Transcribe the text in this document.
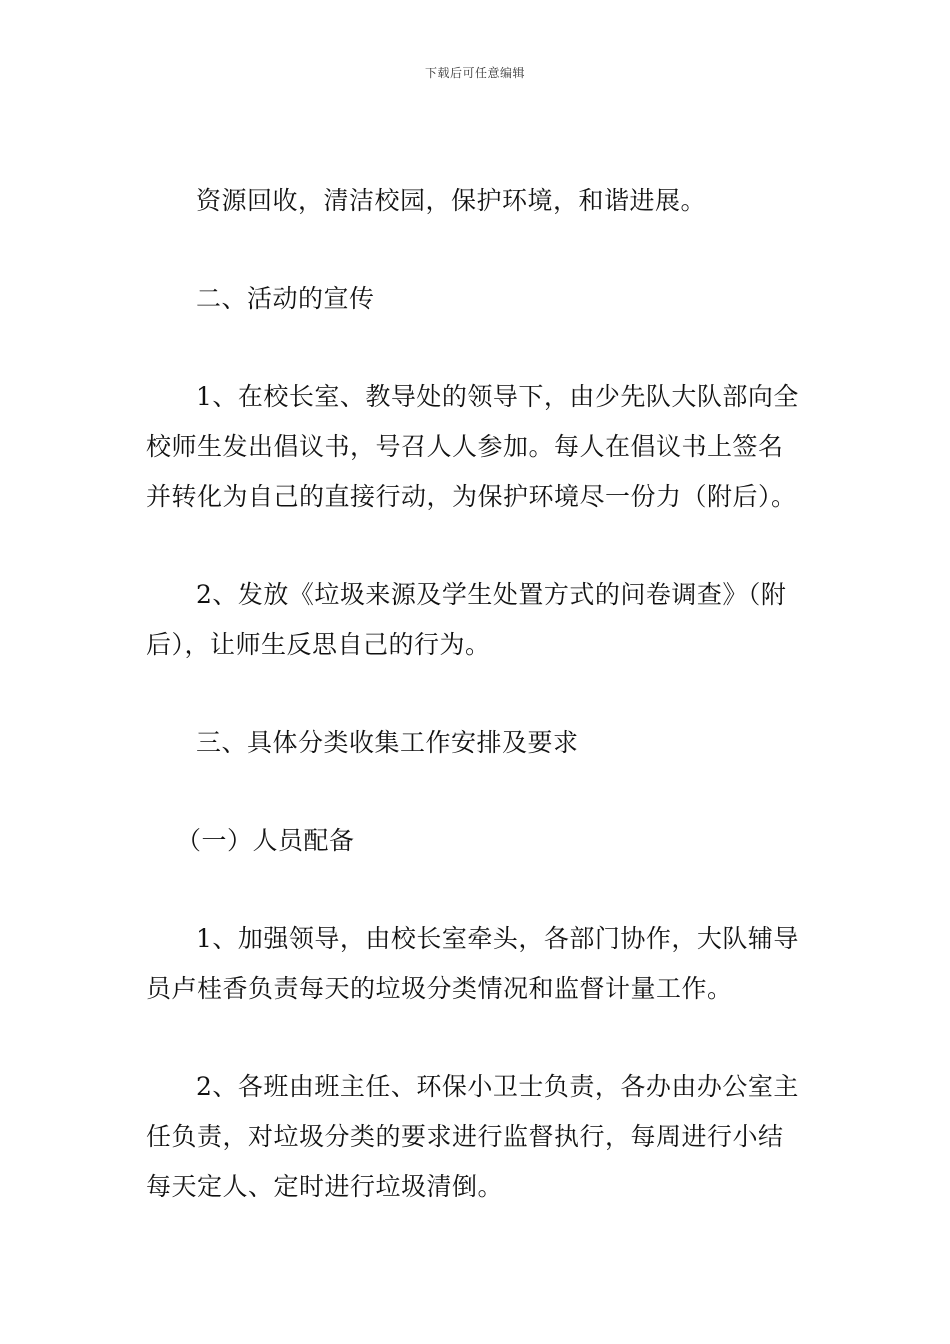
下载后可任意编辑

资源回收，清洁校园，保护环境，和谐进展。

二、活动的宣传

1、在校长室、教导处的领导下，由少先队大队部向全校师生发出倡议书，号召人人参加。每人在倡议书上签名并转化为自己的直接行动，为保护环境尽一份力（附后）。

2、发放《垃圾来源及学生处置方式的问卷调查》（附后），让师生反思自己的行为。

三、具体分类收集工作安排及要求

（一）人员配备

1、加强领导，由校长室牵头，各部门协作，大队辅导员卢桂香负责每天的垃圾分类情况和监督计量工作。

2、各班由班主任、环保小卫士负责，各办由办公室主任负责，对垃圾分类的要求进行监督执行，每周进行小结每天定人、定时进行垃圾清倒。
